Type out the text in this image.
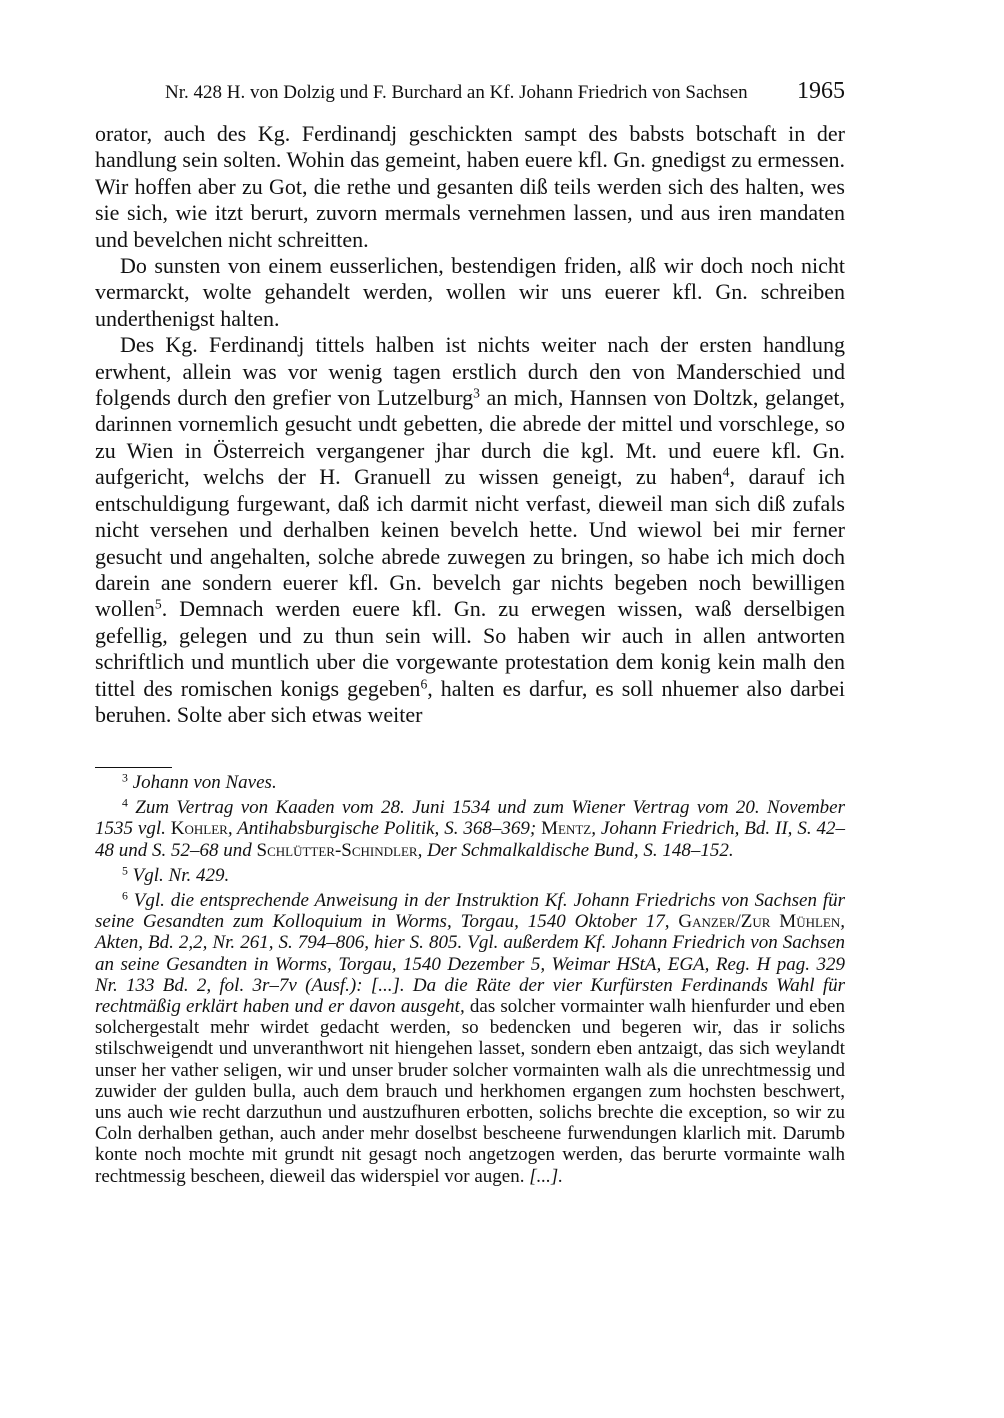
Nr. 428 H. von Dolzig und F. Burchard an Kf. Johann Friedrich von Sachsen 1965

orator, auch des Kg. Ferdinandj geschickten sampt des babsts botschaft in der handlung sein solten. Wohin das gemeint, haben euere kfl. Gn. gnedigst zu ermessen. Wir hoffen aber zu Got, die rethe und gesanten diß teils werden sich des halten, wes sie sich, wie itzt berurt, zuvorn mermals vernehmen lassen, und aus iren mandaten und bevelchen nicht schreitten.

Do sunsten von einem eusserlichen, bestendigen friden, alß wir doch noch nicht vermarckt, wolte gehandelt werden, wollen wir uns euerer kfl. Gn. schreiben underthenigst halten.

Des Kg. Ferdinandj tittels halben ist nichts weiter nach der ersten handlung erwhent, allein was vor wenig tagen erstlich durch den von Manderschied und folgends durch den grefier von Lutzelburg$^3$ an mich, Hannsen von Doltzk, gelanget, darinnen vornemlich gesucht undt gebetten, die abrede der mittel und vorschlege, so zu Wien in Österreich vergangener jhar durch die kgl. Mt. und euere kfl. Gn. aufgericht, welchs der H. Granuell zu wissen geneigt, zu haben$^4$, darauf ich entschuldigung furgewant, daß ich darmit nicht verfast, dieweil man sich diß zufals nicht versehen und derhalben keinen bevelch hette. Und wiewol bei mir ferner gesucht und angehalten, solche abrede zuwegen zu bringen, so habe ich mich doch darein ane sondern euerer kfl. Gn. bevelch gar nichts begeben noch bewilligen wollen$^5$. Demnach werden euere kfl. Gn. zu erwegen wissen, waß derselbigen gefellig, gelegen und zu thun sein will. So haben wir auch in allen antworten schriftlich und muntlich uber die vorgewante protestation dem konig kein malh den tittel des romischen konigs gegeben$^6$, halten es darfur, es soll nhuemer also darbei beruhen. Solte aber sich etwas weiter

$^3$ Johann von Naves.

$^4$ Zum Vertrag von Kaaden vom 28. Juni 1534 und zum Wiener Vertrag vom 20. November 1535 vgl. Kohler, Antihabsburgische Politik, S. 368–369; Mentz, Johann Friedrich, Bd. II, S. 42–48 und S. 52–68 und Schlütter-Schindler, Der Schmalkaldische Bund, S. 148–152.

$^5$ Vgl. Nr. 429.

$^6$ Vgl. die entsprechende Anweisung in der Instruktion Kf. Johann Friedrichs von Sachsen für seine Gesandten zum Kolloquium in Worms, Torgau, 1540 Oktober 17, Ganzer/Zur Mühlen, Akten, Bd. 2,2, Nr. 261, S. 794–806, hier S. 805. Vgl. außerdem Kf. Johann Friedrich von Sachsen an seine Gesandten in Worms, Torgau, 1540 Dezember 5, Weimar HStA, EGA, Reg. H pag. 329 Nr. 133 Bd. 2, fol. 3r–7v (Ausf.): [...]. Da die Räte der vier Kurfürsten Ferdinands Wahl für rechtmäßig erklärt haben und er davon ausgeht, das solcher vormainter walh hienfurder und eben solchergestalt mehr wirdet gedacht werden, so bedencken und begeren wir, das ir solichs stilschweigendt und unveranthwort nit hiengehen lasset, sondern eben antzaigt, das sich weylandt unser her vather seligen, wir und unser bruder solcher vormainten walh als die unrechtmessig und zuwider der gulden bulla, auch dem brauch und herkhomen ergangen zum hochsten beschwert, uns auch wie recht darzuthun und austzufhuren erbotten, solichs brechte die exception, so wir zu Coln derhalben gethan, auch ander mehr doselbst bescheene furwendungen klarlich mit. Darumb konte noch mochte mit grundt nit gesagt noch angetzogen werden, das berurte vormainte walh rechtmessig bescheen, dieweil das widerspiel vor augen. [...].
